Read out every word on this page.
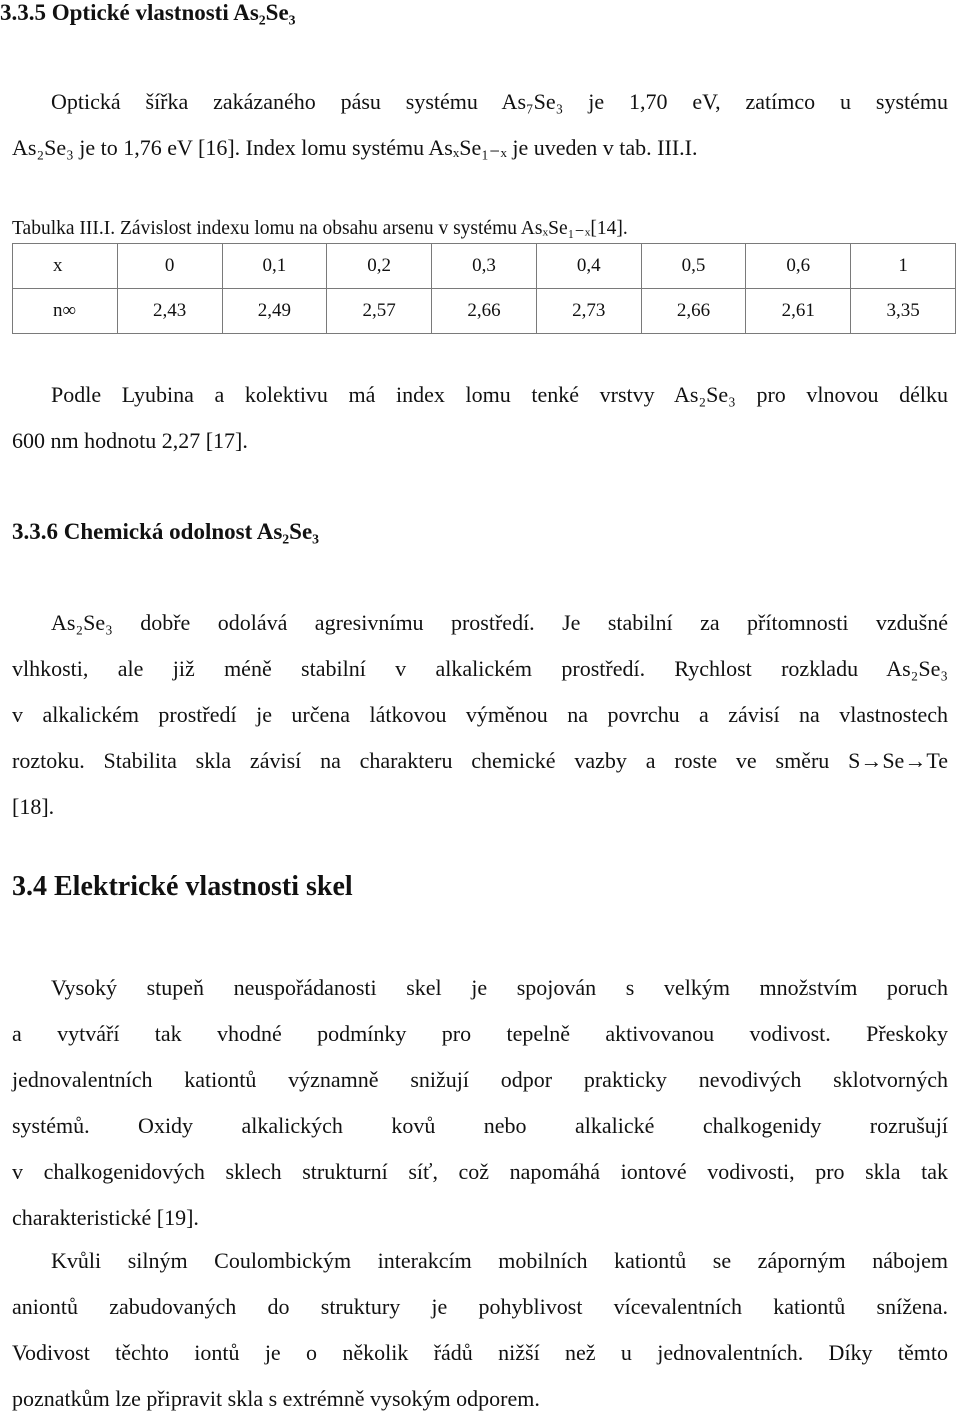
3.3.5 Optické vlastnosti As₂Se₃
Optická šířka zakázaného pásu systému As₇Se₃ je 1,70 eV, zatímco u systému
As₂Se₃ je to 1,76 eV [16]. Index lomu systému AsₓSe₁₋ₓ je uveden v tab. III.I.
Tabulka III.I. Závislost indexu lomu na obsahu arsenu v systému AsₓSe₁₋ₓ[14].
x	0	0,1	0,2	0,3	0,4	0,5	0,6	1
n∞	2,43	2,49	2,57	2,66	2,73	2,66	2,61	3,35
Podle Lyubina a kolektivu má index lomu tenké vrstvy As₂Se₃ pro vlnovou délku
600 nm hodnotu 2,27 [17].
3.3.6 Chemická odolnost As₂Se₃
As₂Se₃ dobře odolává agresivnímu prostředí. Je stabilní za přítomnosti vzdušné
vlhkosti, ale již méně stabilní v alkalickém prostředí. Rychlost rozkladu As₂Se₃
v alkalickém prostředí je určena látkovou výměnou na povrchu a závisí na vlastnostech
roztoku. Stabilita skla závisí na charakteru chemické vazby a roste ve směru S→Se→Te
[18].
3.4 Elektrické vlastnosti skel
Vysoký stupeň neuspořádanosti skel je spojován s velkým množstvím poruch
a vytváří tak vhodné podmínky pro tepelně aktivovanou vodivost. Přeskoky
jednovalentních kationtů významně snižují odpor prakticky nevodivých sklotvorných
systémů. Oxidy alkalických kovů nebo alkalické chalkogenidy rozrušují
v chalkogenidových sklech strukturní síť, což napomáhá iontové vodivosti, pro skla tak
charakteristické [19].
Kvůli silným Coulombickým interakcím mobilních kationtů se záporným nábojem
aniontů zabudovaných do struktury je pohyblivost vícevalentních kationtů snížena.
Vodivost těchto iontů je o několik řádů nižší než u jednovalentních. Díky těmto
poznatkům lze připravit skla s extrémně vysokým odporem.
